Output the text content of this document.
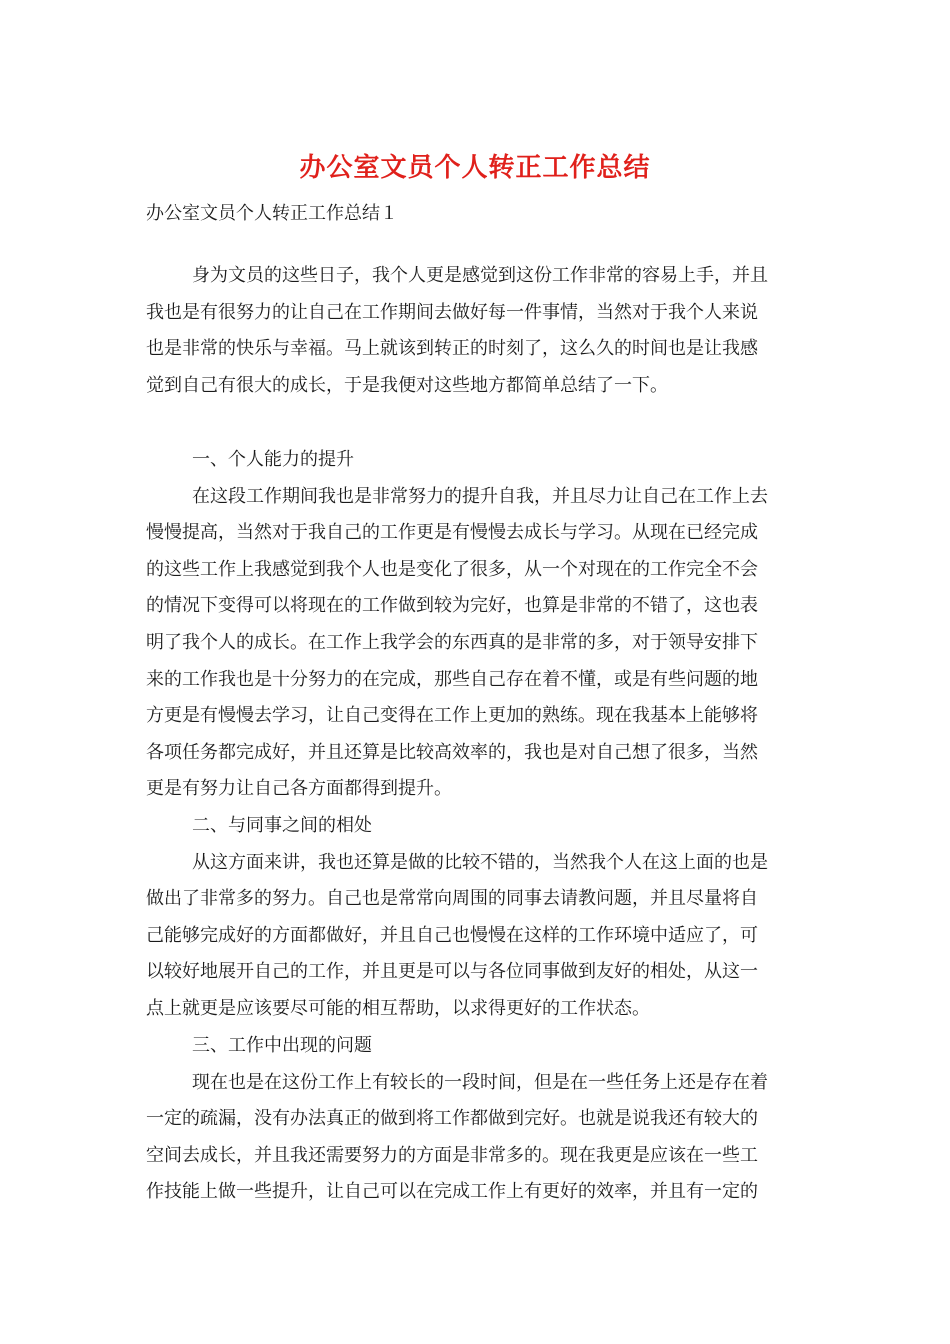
办公室文员个人转正工作总结
办公室文员个人转正工作总结１
身为文员的这些日子，我个人更是感觉到这份工作非常的容易上手，并且
我也是有很努力的让自己在工作期间去做好每一件事情，当然对于我个人来说
也是非常的快乐与幸福。马上就该到转正的时刻了，这么久的时间也是让我感
觉到自己有很大的成长，于是我便对这些地方都简单总结了一下。
一、个人能力的提升
在这段工作期间我也是非常努力的提升自我，并且尽力让自己在工作上去
慢慢提高，当然对于我自己的工作更是有慢慢去成长与学习。从现在已经完成
的这些工作上我感觉到我个人也是变化了很多，从一个对现在的工作完全不会
的情况下变得可以将现在的工作做到较为完好，也算是非常的不错了，这也表
明了我个人的成长。在工作上我学会的东西真的是非常的多，对于领导安排下
来的工作我也是十分努力的在完成，那些自己存在着不懂，或是有些问题的地
方更是有慢慢去学习，让自己变得在工作上更加的熟练。现在我基本上能够将
各项任务都完成好，并且还算是比较高效率的，我也是对自己想了很多，当然
更是有努力让自己各方面都得到提升。
二、与同事之间的相处
从这方面来讲，我也还算是做的比较不错的，当然我个人在这上面的也是
做出了非常多的努力。自己也是常常向周围的同事去请教问题，并且尽量将自
己能够完成好的方面都做好，并且自己也慢慢在这样的工作环境中适应了，可
以较好地展开自己的工作，并且更是可以与各位同事做到友好的相处，从这一
点上就更是应该要尽可能的相互帮助，以求得更好的工作状态。
三、工作中出现的问题
现在也是在这份工作上有较长的一段时间，但是在一些任务上还是存在着
一定的疏漏，没有办法真正的做到将工作都做到完好。也就是说我还有较大的
空间去成长，并且我还需要努力的方面是非常多的。现在我更是应该在一些工
作技能上做一些提升，让自己可以在完成工作上有更好的效率，并且有一定的
